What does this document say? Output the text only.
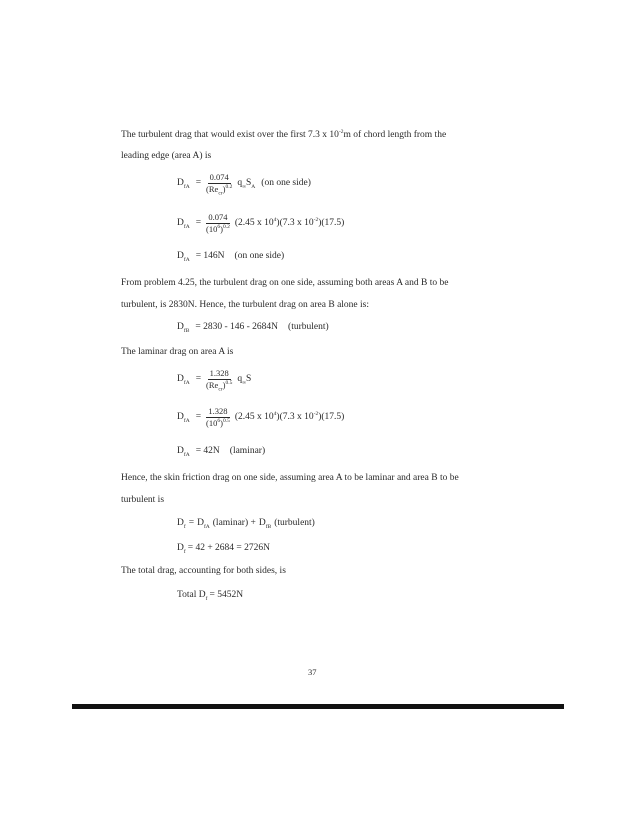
The turbulent drag that would exist over the first 7.3 x $10^{-2}m$ of chord length from the
leading edge (area A) is
$D_{fA} = \frac{0.074}{(Re_{cr})^{0.2}} q_\infty S_A$ (on one side)
$D_{fA} = \frac{0.074}{(10^6)^{0.2}} (2.45$ x $10^4)(7.3$ x $10^{-2})(17.5)$
$D_{fA} = 146N$ (on one side)
From problem 4.25, the turbulent drag on one side, assuming both areas A and B to be
turbulent, is 2830N. Hence, the turbulent drag on area B alone is:
$D_{fB} = 2830 - 146 - 2684N$ (turbulent)
The laminar drag on area A is
$D_{fA} = \frac{1.328}{(Re_{cr})^{0.5}} q_\infty S$
$D_{fA} = \frac{1.328}{(10^6)^{0.5}} (2.45$ x $10^4)(7.3$ x $10^{-2})(17.5)$
$D_{fA} = 42N$ (laminar)
Hence, the skin friction drag on one side, assuming area A to be laminar and area B to be
turbulent is
$D_f = D_{fA}$ (laminar) + $D_{fB}$ (turbulent)
$D_f = 42 + 2684 = 2726N$
The total drag, accounting for both sides, is
Total $D_f = 5452N$
37
